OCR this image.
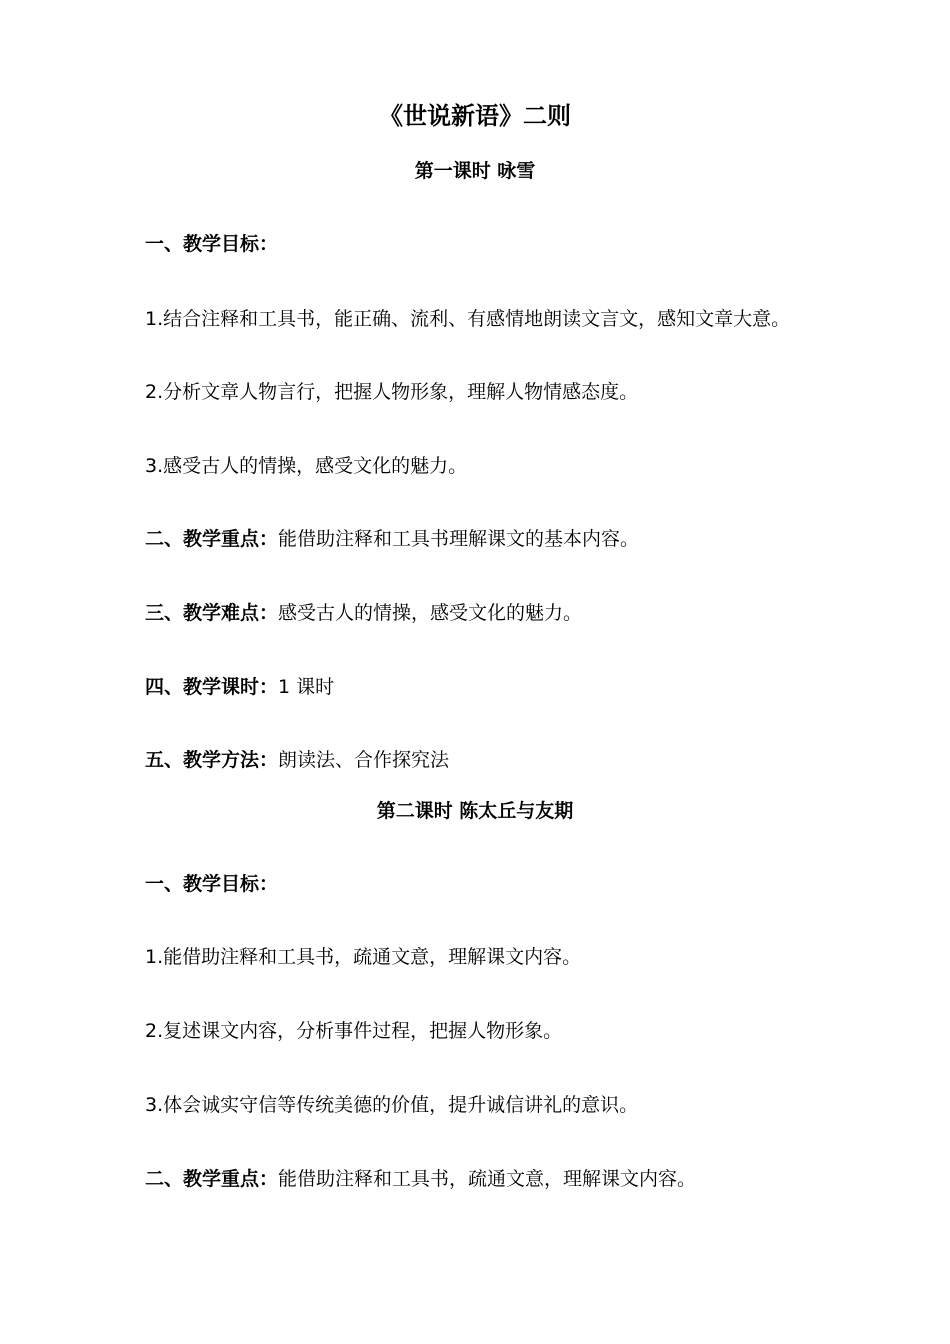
《世说新语》二则
第一课时 咏雪
一、教学目标：
1.结合注释和工具书，能正确、流利、有感情地朗读文言文，感知文章大意。
2.分析文章人物言行，把握人物形象，理解人物情感态度。
3.感受古人的情操，感受文化的魅力。
二、教学重点：能借助注释和工具书理解课文的基本内容。
三、教学难点：感受古人的情操，感受文化的魅力。
四、教学课时：1 课时
五、教学方法：朗读法、合作探究法
第二课时 陈太丘与友期
一、教学目标：
1.能借助注释和工具书，疏通文意，理解课文内容。
2.复述课文内容，分析事件过程，把握人物形象。
3.体会诚实守信等传统美德的价值，提升诚信讲礼的意识。
二、教学重点：能借助注释和工具书，疏通文意，理解课文内容。
